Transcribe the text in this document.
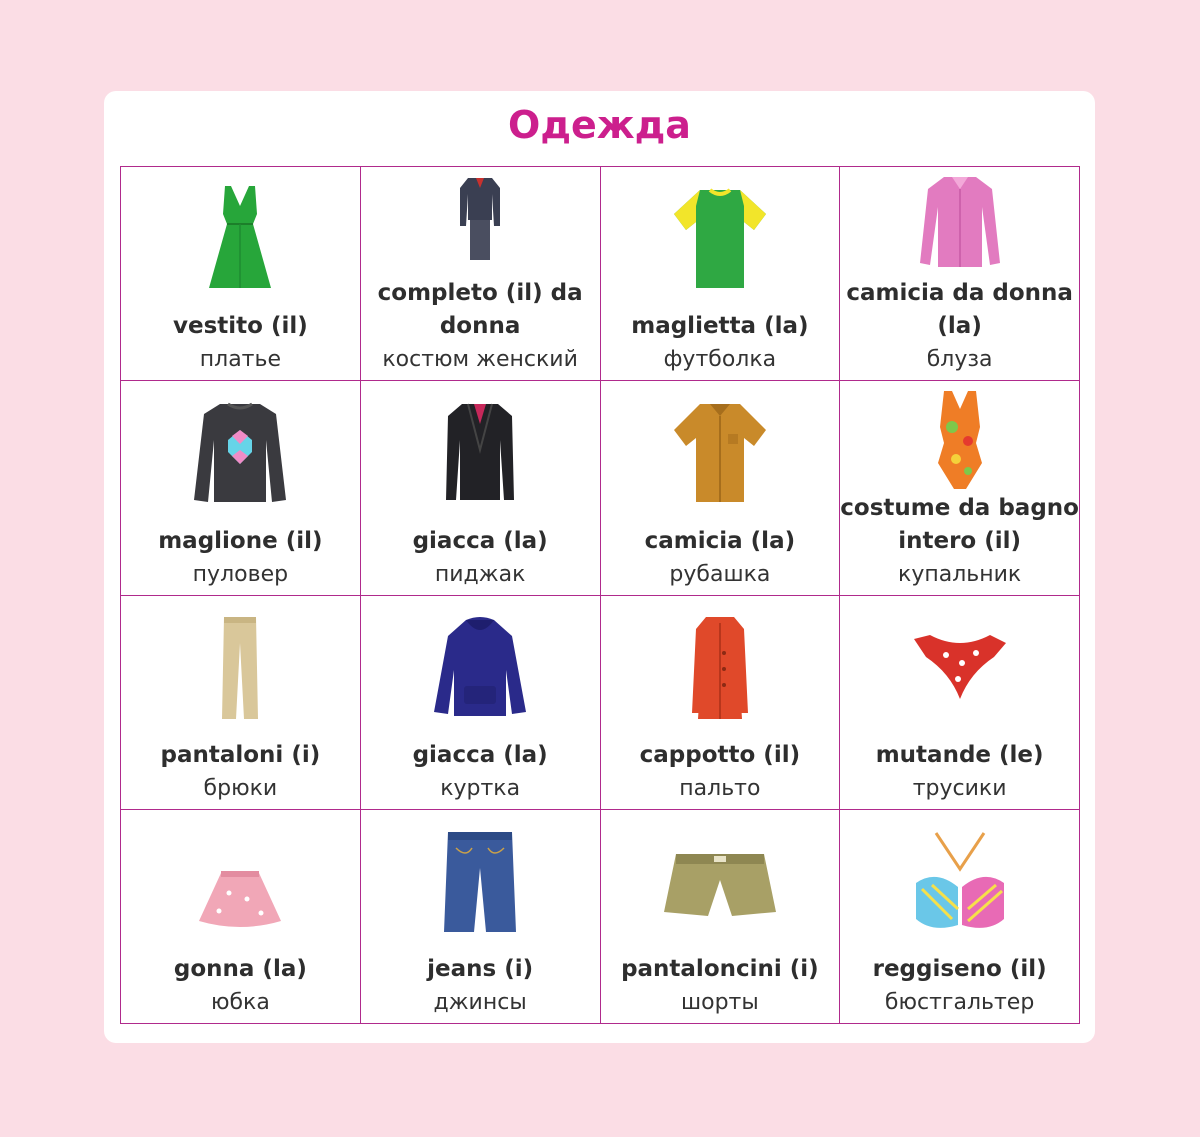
Одежда
vestito (il)
платье
completo (il) da donna
костюм женский
maglietta (la)
футболка
camicia da donna (la)
блуза
maglione (il)
пуловер
giacca (la)
пиджак
camicia (la)
рубашка
costume da bagno intero (il)
купальник
pantaloni (i)
брюки
giacca (la)
куртка
cappotto (il)
пальто
mutande (le)
трусики
gonna (la)
юбка
jeans (i)
джинсы
pantaloncini (i)
шорты
reggiseno (il)
бюстгальтер
